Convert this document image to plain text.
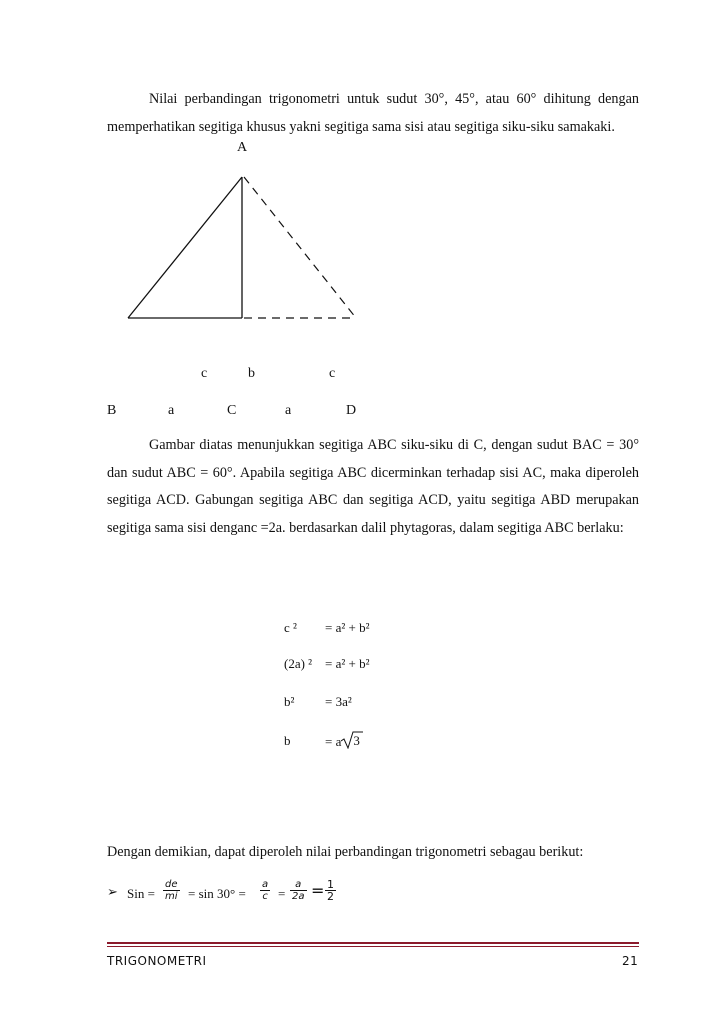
Nilai perbandingan trigonometri untuk sudut 30°, 45°, atau 60° dihitung dengan memperhatikan segitiga khusus yakni segitiga sama sisi atau segitiga siku-siku samakaki.
A
c	b	c
B	a	C	a	D
Gambar diatas menunjukkan segitiga ABC siku-siku di C, dengan sudut BAC = 30° dan sudut ABC = 60°. Apabila segitiga ABC dicerminkan terhadap sisi AC, maka diperoleh segitiga ACD. Gabungan segitiga ABC dan segitiga ACD, yaitu segitiga ABD merupakan segitiga sama sisi denganc =2a. berdasarkan dalil phytagoras, dalam segitiga ABC berlaku:
c ² = a² + b²
(2a) ² = a² + b²
b² = 3a²
b	= a 3
Dengan demikian, dapat diperoleh nilai perbandingan trigonometri sebagau berikut:
➢ Sin = $\frac{de}{mi} = \sin 30^\circ = \frac{a}{c} = \frac{a}{2a} = \frac{1}{2}$
TRIGONOMETRI	21
